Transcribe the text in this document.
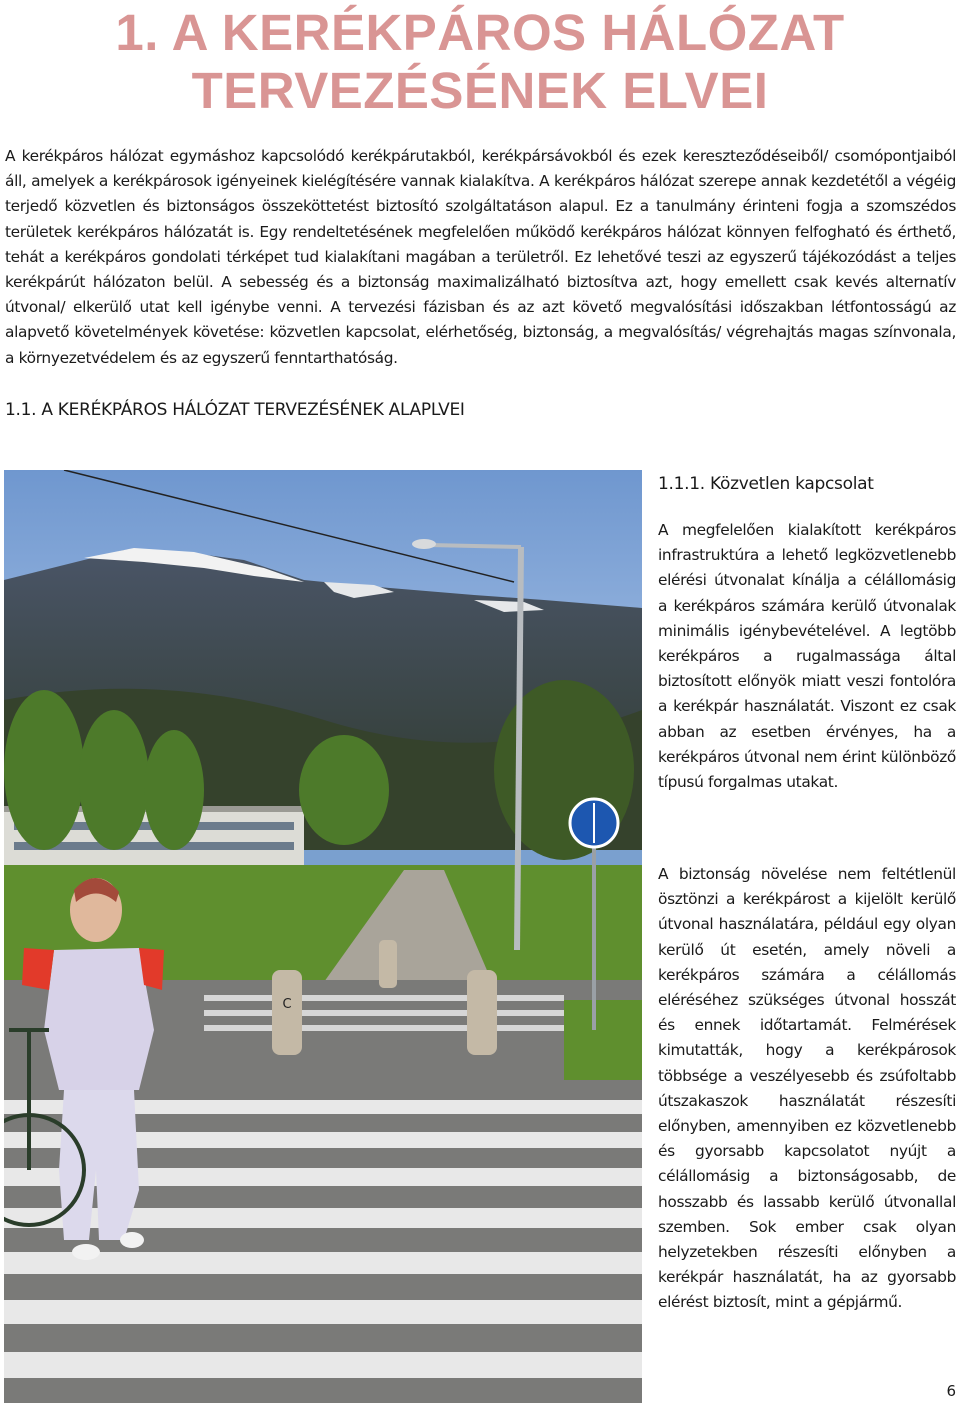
1. A KERÉKPÁROS HÁLÓZAT
TERVEZÉSÉNEK ELVEI

A kerékpáros hálózat egymáshoz kapcsolódó kerékpárutakból, kerékpársávokból és ezek kereszteződéseiből/ csomópontjaiból áll, amelyek a kerékpárosok igényeinek kielégítésére vannak kialakítva. A kerékpáros hálózat szerepe annak kezdetétől a végéig terjedő közvetlen és biztonságos összeköttetést biztosító szolgáltatáson alapul. Ez a tanulmány érinteni fogja a szomszédos területek kerékpáros hálózatát is. Egy rendeltetésének megfelelően működő kerékpáros hálózat könnyen felfogható és érthető, tehát a kerékpáros gondolati térképet tud kialakítani magában a területről. Ez lehetővé teszi az egyszerű tájékozódást a teljes kerékpárút hálózaton belül. A sebesség és a biztonság maximalizálható biztosítva azt, hogy emellett csak kevés alternatív útvonal/ elkerülő utat kell igénybe venni. A tervezési fázisban és az azt követő megvalósítási időszakban létfontosságú az alapvető követelmények követése: közvetlen kapcsolat, elérhetőség, biztonság, a megvalósítás/ végrehajtás magas színvonala, a környezetvédelem és az egyszerű fenntarthatóság.

1.1. A KERÉKPÁROS HÁLÓZAT TERVEZÉSÉNEK ALAPLVEI
C
1.1.1. Közvetlen kapcsolat

A megfelelően kialakított kerékpáros infrastruktúra a lehető legközvetlenebb elérési útvonalat kínálja a célállomásig a kerékpáros számára kerülő útvonalak minimális igénybevételével. A legtöbb kerékpáros a rugalmassága által biztosított előnyök miatt veszi fontolóra a kerékpár használatát. Viszont ez csak abban az esetben érvényes, ha a kerékpáros útvonal nem érint különböző típusú forgalmas utakat.

A biztonság növelése nem feltétlenül ösztönzi a kerékpárost a kijelölt kerülő útvonal használatára, például egy olyan kerülő út esetén, amely növeli a kerékpáros számára a célállomás eléréséhez szükséges útvonal hosszát és ennek időtartamát. Felmérések kimutatták, hogy a kerékpárosok többsége a veszélyesebb és zsúfoltabb útszakaszok használatát részesíti előnyben, amennyiben ez közvetlenebb és gyorsabb kapcsolatot nyújt a célállomásig a biztonságosabb, de hosszabb és lassabb kerülő útvonallal szemben. Sok ember csak olyan helyzetekben részesíti előnyben a kerékpár használatát, ha az gyorsabb elérést biztosít, mint a gépjármű.

6
